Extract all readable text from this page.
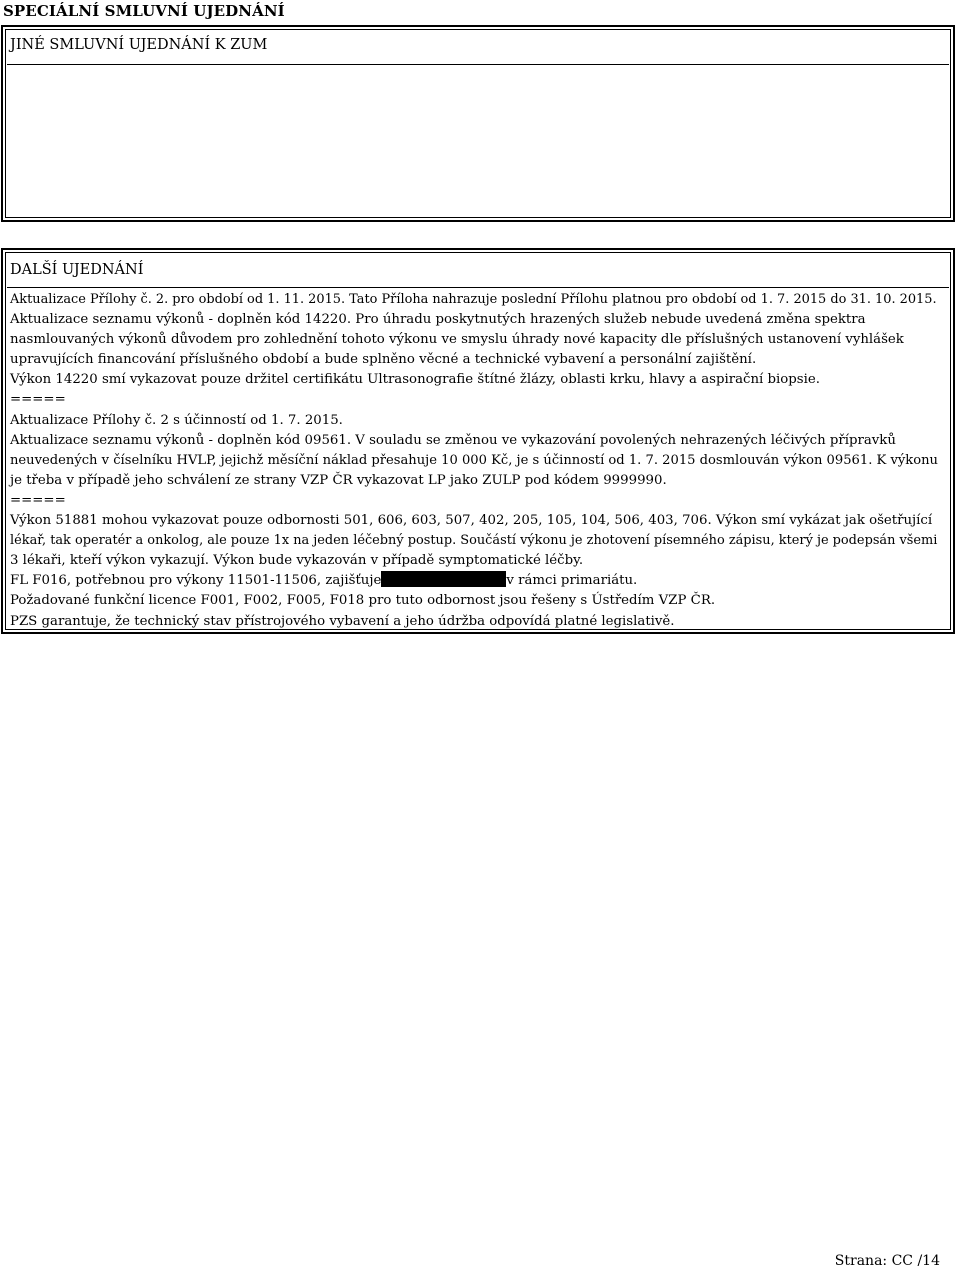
SPECIÁLNÍ SMLUVNÍ UJEDNÁNÍ
JINÉ SMLUVNÍ UJEDNÁNÍ K ZUM
DALŠÍ UJEDNÁNÍ
Aktualizace Přílohy č. 2. pro období od 1. 11. 2015. Tato Příloha nahrazuje poslední Přílohu platnou pro období od 1. 7. 2015 do 31. 10. 2015.
Aktualizace seznamu výkonů - doplněn kód 14220. Pro úhradu poskytnutých hrazených služeb nebude uvedená změna spektra
nasmlouvaných výkonů důvodem pro zohlednění tohoto výkonu ve smyslu úhrady nové kapacity dle příslušných ustanovení vyhlášek
upravujících financování příslušného období a bude splněno věcné a technické vybavení a personální zajištění.
Výkon 14220 smí vykazovat pouze držitel certifikátu Ultrasonografie štítné žlázy, oblasti krku, hlavy a aspirační biopsie.
=====
Aktualizace Přílohy č. 2 s účinností od 1. 7. 2015.
Aktualizace seznamu výkonů - doplněn kód 09561. V souladu se změnou ve vykazování povolených nehrazených léčivých přípravků
neuvedených v číselníku HVLP, jejichž měsíční náklad přesahuje 10 000 Kč, je s účinností od 1. 7. 2015 dosmlouván výkon 09561. K výkonu
je třeba v případě jeho schválení ze strany VZP ČR vykazovat LP jako ZULP pod kódem 9999990.
=====
Výkon 51881 mohou vykazovat pouze odbornosti 501, 606, 603, 507, 402, 205, 105, 104, 506, 403, 706. Výkon smí vykázat jak ošetřující
lékař, tak operatér a onkolog, ale pouze 1x na jeden léčebný postup. Součástí výkonu je zhotovení písemného zápisu, který je podepsán všemi
3 lékaři, kteří výkon vykazují. Výkon bude vykazován v případě symptomatické léčby.
FL F016, potřebnou pro výkony 11501-11506, zajišťuje	v rámci primariátu.
Požadované funkční licence F001, F002, F005, F018 pro tuto odbornost jsou řešeny s Ústředím VZP ČR.
PZS garantuje, že technický stav přístrojového vybavení a jeho údržba odpovídá platné legislativě.
Strana: CC /14
